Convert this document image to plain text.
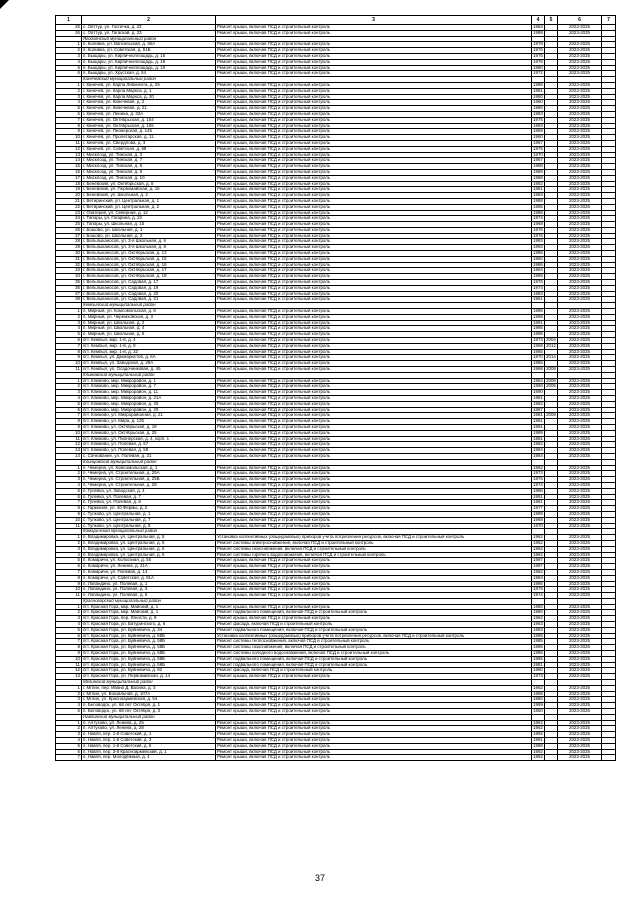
1	2	3	4	5	6	7
25	с. Ояттур, ул. Госгичка, д. 23	Ремонт крыши, включая ПСД и строительный контроль	1983		2023-2025	
26	с. Ояттур, ул. Гагаскай, д. 23	Ремонт крыши, включая ПСД и строительный контроль	1989		2023-2025	
	Ягодзянский муниципальный район					
1	п. Коливка, ул. Вагнальская, д. 36А	Ремонт крыши, включая ПСД и строительный контроль	1978		2023-2025	
2	п. Коливка, ул. Советская, д. 51Б	Ремонт крыши, включая ПСД и строительный контроль	1976		2023-2025	
3	п. Быщары, ул. Кирпичноплощадь, д. 16	Ремонт крыши, включая ПСД и строительный контроль	1975		2023-2025	
4	п. Быщары, ул. Кирпичноплощадь, д. 18	Ремонт крыши, включая ПСД и строительный контроль	1978		2023-2025	
5	п. Быщары, ул. Кирпичноплощадь, д. 10	Ремонт крыши, включая ПСД и строительный контроль	1980		2023-2025	
6	п. Быщары, ул. Хрусская, д. 54	Ремонт крыши, включая ПСД и строительный контроль	1972		2023-2025	
	Кинечевский муниципальный район					
1	г. Кинечев, ул. Карла Либкнехта, д. 25	Ремонт крыши, включая ПСД и строительный контроль	1986		2023-2025	
2	г. Кинечев, ул. Карла Маркса, д. 1	Ремонт крыши, включая ПСД и строительный контроль	1981		2023-2025	
3	г. Кинечев, ул. Карла Маркса, д. 20	Ремонт крыши, включая ПСД и строительный контроль	1980		2023-2025	
4	г. Кинечев, ул. Кинечевая, д. 2	Ремонт крыши, включая ПСД и строительный контроль	1960		2023-2025	
5	г. Кинечев, ул. Кинечевая, д. 21	Ремонт крыши, включая ПСД и строительный контроль	1980		2023-2025	
6	г. Кинечев, ул. Ленина, д. 33А	Ремонт крыши, включая ПСД и строительный контроль	1983		2023-2025	
7	г. Кинечев, ул. Октябрьская, д. 104	Ремонт крыши, включая ПСД и строительный контроль	1975		2023-2025	
8	г. Кинечев, ул. Октябрьская, д. 106	Ремонт крыши, включая ПСД и строительный контроль	1983		2023-2025	
9	г. Кинечев, ул. Пионерская, д. 145	Ремонт крыши, включая ПСД и строительный контроль	1959		2023-2025	
10	г. Кинечев, ул. Пролетарская, д. 11	Ремонт крыши, включая ПСД и строительный контроль	1960		2023-2025	
11	г. Кинечев, ул. Свердлова, д. 3	Ремонт крыши, включая ПСД и строительный контроль	1967		2023-2025	
12	г. Кинечев, ул. Советская, д. 68	Ремонт крыши, включая ПСД и строительный контроль	1975		2023-2025	
13	г. Мисклозд, ул. Тинская, д. 3	Ремонт крыши, включая ПСД и строительный контроль	1970		2023-2025	
14	г. Мисклозд, ул. Тинская, д. 7	Ремонт крыши, включая ПСД и строительный контроль	1967		2023-2025	
15	г. Мисклозд, ул. Тинская, д. 8	Ремонт крыши, включая ПСД и строительный контроль	1988		2023-2025	
16	г. Мисклозд, ул. Тинская, д. 9	Ремонт крыши, включая ПСД и строительный контроль	1989		2023-2025	
17	г. Мисклозд, ул. Тинская, д. 10	Ремонт крыши, включая ПСД и строительный контроль	1988		2023-2025	
18	г. Беневский, ул. Октябрьская, д. 8	Ремонт крыши, включая ПСД и строительный контроль	1982		2023-2025	
19	г. Беневский, ул. Первомайская, д. 16	Ремонт крыши, включая ПСД и строительный контроль	1981		2023-2025	
20	г. Беневский, ул. Школьная, д. 2	Ремонт крыши, включая ПСД и строительный контроль	1983		2023-2025	
21	г. Ветиринский, ул. Центральная, д. 1	Ремонт крыши, включая ПСД и строительный контроль	1988		2023-2025	
22	г. Ветиринский, ул. Центральная, д. 2	Ремонт крыши, включая ПСД и строительный контроль	1985		2023-2025	
23	г. Озатерия, ул. Северная, д. 12	Ремонт крыши, включая ПСД и строительный контроль	1986		2023-2025	
24	г. Тапоры, ул. Гагарина, д. 22	Ремонт крыши, включая ПСД и строительный контроль	1974		2023-2025	
25	г. Тапоры, ул. Школьная, д. 15	Ремонт крыши, включая ПСД и строительный контроль	1968		2023-2025	
26	г. Бошово, ул. Школьная, д. 1	Ремонт крыши, включая ПСД и строительный контроль	1976		2023-2025	
27	г. Бошово, ул. Школьная, д. 2	Ремонт крыши, включая ПСД и строительный контроль	1976		2023-2025	
28	г. Вельлыканосов, ул. 3-я Школьная, д. 6	Ремонт крыши, включая ПСД и строительный контроль	1993		2023-2025	
29	г. Вельлыканосов, ул. 3-я Школьная, д. 8	Ремонт крыши, включая ПСД и строительный контроль	1993		2023-2025	
30	г. Вельлыканосов, ул. Октябрьская, д. 13	Ремонт крыши, включая ПСД и строительный контроль	1985		2023-2025	
31	г. Вельлыканосов, ул. Октябрьская, д. 15	Ремонт крыши, включая ПСД и строительный контроль	1960		2023-2025	
32	г. Вельлыканосов, ул. Октябрьская, д. 16	Ремонт крыши, включая ПСД и строительный контроль	1986		2023-2025	
33	г. Вельлыканосов, ул. Октябрьская, д. 17	Ремонт крыши, включая ПСД и строительный контроль	1964		2023-2025	
34	г. Вельлыканосов, ул. Октябрьская, д. 18	Ремонт крыши, включая ПСД и строительный контроль	1988		2023-2025	
35	г. Вельлыканосов, ул. Садовая, д. 17	Ремонт крыши, включая ПСД и строительный контроль	1976		2023-2025	
36	г. Вельлыканосов, ул. Садовая, д. 19	Ремонт крыши, включая ПСД и строительный контроль	1974		2023-2025	
37	г. Вельлыканосов, ул. Садовая, д. 20	Ремонт крыши, включая ПСД и строительный контроль	1983		2023-2025	
38	г. Вельлыканосов, ул. Садовая, д. 21	Ремонт крыши, включая ПСД и строительный контроль	1961		2023-2025	
	Кемпылский муниципальный район					
1	п. Мирный, ул. Комсомольская, д. 8	Ремонт крыши, включая ПСД и строительный контроль	1996		2023-2025	
2	п. Мирный, ул. Черемховская, д. 3	Ремонт крыши, включая ПСД и строительный контроль	1998		2023-2025	
3	п. Мирный, ул. Школьная, д. 2	Ремонт крыши, включая ПСД и строительный контроль	1991		2023-2025	
4	п. Мирный, ул. Школьная, д. 4	Ремонт крыши, включая ПСД и строительный контроль	1995		2023-2025	
5	п. Мирный, ул. Школьная, д. 5	Ремонт крыши, включая ПСД и строительный контроль	1995		2023-2025	
6	пгт. Кемпыл, мкр. 1-й, д. 4	Ремонт крыши, включая ПСД и строительный контроль	1973	2004	2023-2025	
7	пгт. Кемпыл, мкр. 1-й, д. 8	Ремонт крыши, включая ПСД и строительный контроль	1968	2012	2023-2025	
8	пгт. Кемпыл, мкр. 1-й, д. 22	Ремонт крыши, включая ПСД и строительный контроль	1985		2023-2025	
9	пгт. Кемпыл, ул. Декабристов, д. 6А	Ремонт крыши, включая ПСД и строительный контроль	1970	2014	2023-2025	
10	пгт. Кемпыл, ул. Заводская, д. 29А	Ремонт крыши, включая ПСД и строительный контроль	1985		2023-2025	
11	пгт. Кемпыл, ул. Осадочниковая, д. 45	Ремонт крыши, включая ПСД и строительный контроль	1968	2008	2023-2025	
	Климовский муниципальный район					
1	пгт. Климово, мкр. Микрорайон, д. 1	Ремонт крыши, включая ПСД и строительный контроль	1964	2008	2023-2025	
2	пгт. Климово, мкр. Микрорайон, д. 7	Ремонт крыши, включая ПСД и строительный контроль	1968	2005	2023-2025	
3	пгт. Климово, мкр. Микрорайон, д. 11	Ремонт крыши, включая ПСД и строительный контроль	1990		2023-2025	
4	пгт. Климово, мкр. Микрорайон, д. 21А	Ремонт крыши, включая ПСД и строительный контроль	1981		2023-2025	
5	пгт. Климово, мкр. Микрорайон, д. 26	Ремонт крыши, включая ПСД и строительный контроль	1982		2023-2025	
6	пгт. Климово, мкр. Микрорайон, д. 29	Ремонт крыши, включая ПСД и строительный контроль	1987		2023-2025	
7	пгт. Климово, ул. Микрорайонная, д. 21	Ремонт крыши, включая ПСД и строительный контроль	1981	2008	2023-2025	
8	пгт. Климово, ул. Мира, д. 125	Ремонт крыши, включая ПСД и строительный контроль	1981		2023-2025	
9	пгт. Климово, ул. Октябрьская, д. 19	Ремонт крыши, включая ПСД и строительный контроль	1991		2023-2025	
10	пгт. Климово, ул. Октябрьская, д. 25	Ремонт крыши, включая ПСД и строительный контроль	1989		2023-2025	
11	пгт. Климово, ул. Пионерская, д. 4, корп. 1	Ремонт крыши, включая ПСД и строительный контроль	1981		2023-2025	
12	пгт. Климово, ул. Полевая, д. 57	Ремонт крыши, включая ПСД и строительный контроль	1982		2023-2025	
13	пгт. Климово, ул. Полевая, д. 58	Ремонт крыши, включая ПСД и строительный контроль	1984		2023-2025	
14	с. Сачкование, ул. Полевая, д. 31	Ремонт крыши, включая ПСД и строительный контроль	1984		2023-2025	
	Клинцовский муниципальный район					
1	п. Чемерна, ул. Комсомольская, д. 1	Ремонт крыши, включая ПСД и строительный контроль	1982		2023-2025	
2	п. Чемерна, ул. Строительная, д. 25А	Ремонт крыши, включая ПСД и строительный контроль	1973		2023-2025	
3	п. Чемерна, ул. Строительная, д. 25Б	Ремонт крыши, включая ПСД и строительный контроль	1976		2023-2025	
4	п. Чемерна, ул. Строительная, д. 28	Ремонт крыши, включая ПСД и строительный контроль	1974		2023-2025	
5	п. Гулевка, ул. Заводская, д. 4	Ремонт крыши, включая ПСД и строительный контроль	1986		2023-2025	
6	п. Гулевка, ул. Полевая, д. 7	Ремонт крыши, включая ПСД и строительный контроль	1991		2023-2025	
7	п. Гулевка, ул. Полевая, д. 8	Ремонт крыши, включая ПСД и строительный контроль	1981		2023-2025	
8	с. Гармония, ул. 40 Фермы, д. 2	Ремонт крыши, включая ПСД и строительный контроль	1977		2023-2025	
9	с. Тулково, ул. Центральная, д. 1	Ремонт крыши, включая ПСД и строительный контроль	1989		2023-2025	
10	с. Тулково, ул. Центральная, д. 7	Ремонт крыши, включая ПСД и строительный контроль	1969		2023-2025	
11	с. Тулково, ул. Центральная, д. 8	Ремонт крыши, включая ПСД и строительный контроль	1970		2023-2025	
	Комаричский муниципальный район					
1	п. Владимировка, ул. Центральная, д. 5	Установка коллективных (общедомовых) приборов учета потребления ресурсов, включая ПСД и строительный контроль	1962		2023-2025	
2	п. Владимировка, ул. Центральная, д. 5	Ремонт системы электроснабжения, включая ПСД и строительный контроль	1962		2023-2025	
3	п. Владимировка, ул. Центральная, д. 5	Ремонт системы газоснабжения, включая ПСД и строительный контроль	1962		2023-2025	
4	п. Владимировка, ул. Центральная, д. 5	Ремонт системы горячего водоснабжения, включая ПСД и строительный контроль	1962		2023-2025	
5	п. Комаричи, ул. Колхозная, д. 55	Ремонт крыши, включая ПСД и строительный контроль	1987		2023-2025	
6	п. Комаричи, ул. Ленина, д. 21А	Ремонт крыши, включая ПСД и строительный контроль	1987		2023-2025	
7	п. Комаричи, ул. Полевая, д. 14	Ремонт крыши, включая ПСД и строительный контроль	1962		2023-2025	
8	п. Комаричи, ул. Советская, д. 91А	Ремонт крыши, включая ПСД и строительный контроль	1984		2023-2025	
9	п. Лопандино, ул. Полевая, д. 1	Ремонт крыши, включая ПСД и строительный контроль	1986		2023-2025	
10	п. Лопандино, ул. Полевая, д. 3	Ремонт крыши, включая ПСД и строительный контроль	1979		2023-2025	
11	п. Лопандино, ул. Полевая, д. 5	Ремонт крыши, включая ПСД и строительный контроль	1974		2023-2025	
	Красногорский муниципальный район					
1	пгт. Красная Гора, мкр. Майский, д. 1	Ремонт крыши, включая ПСД и строительный контроль	1980		2023-2025	
2	пгт. Красная Гора, мкр. Майский, д. 1	Ремонт подвального помещения, включая ПСД и строительный контроль	1980		2023-2025	
3	пгт. Красная Гора, пер. Юности, д. 8	Ремонт крыши, включая ПСД и строительный контроль	1962		2023-2025	
4	пгт. Красная Гора, ул. Батуринского, д. 6	Ремонт фасада, включая ПСД и строительный контроль	1963		2023-2025	
5	пгт. Красная Гора, ул. Буйневича, д. 34	Ремонт подвального помещения, включая ПСД и строительный контроль	1983		2023-2025	
6	пгт. Красная Гора, ул. Буйневича, д. 58Б	Установка коллективных (общедомовых) приборов учета потребления ресурсов, включая ПСД и строительный контроль	1985		2023-2025	
7	пгт. Красная Гора, ул. Буйневича, д. 58Б	Ремонт системы теплоснабжения, включая ПСД и строительный контроль	1985		2023-2025	
8	пгт. Красная Гора, ул. Буйневича, д. 58Б	Ремонт системы газоснабжения, включая ПСД и строительный контроль	1985		2023-2025	
9	пгт. Красная Гора, ул. Буйневича, д. 58Б	Ремонт системы холодного водоснабжения, включая ПСД и строительный контроль	1985		2023-2025	
10	пгт. Красная Гора, ул. Буйневича, д. 58Б	Ремонт подвального помещения, включая ПСД и строительный контроль	1985		2023-2025	
11	пгт. Красная Гора, ул. Буйневича, д. 58Б	Ремонт подвального помещения, включая ПСД и строительный контроль	1981		2023-2025	
12	пгт. Красная Гора, ул. Буйневича, д. 82	Ремонт фасада, включая ПСД и строительный контроль	1980		2023-2025	
13	пгт. Красная Гора, ул. Первомайская, д. 14	Ремонт крыши, включая ПСД и строительный контроль	1973		2023-2025	
	Мглинский муниципальный район					
1	г. Мглин, пер. Ивана Д. Васина, д. 3	Ремонт крыши, включая ПСД и строительный контроль	1962		2023-2025	
2	г. Мглин, ул. Вокзальная, д. 107А	Ремонт крыши, включая ПСД и строительный контроль	1988		2023-2025	
3	г. Мглин, ул. Красноармейская, д. 54	Ремонт крыши, включая ПСД и строительный контроль	1980		2023-2025	
4	п. Беловодск, ул. 68 лет Октября, д. 1	Ремонт крыши, включая ПСД и строительный контроль	1959		2023-2025	
5	п. Беловодск, ул. 68 лет Октября, д. 3	Ремонт крыши, включая ПСД и строительный контроль	1960		2023-2025	
	Навлинский муниципальный район					
1	п. Алтухово, ул. Ленина, д. 25	Ремонт крыши, включая ПСД и строительный контроль	1962		2023-2025	
2	п. Алтухово, ул. Ленина, д. 28	Ремонт крыши, включая ПСД и строительный контроль	1962		2023-2025	
3	п. Навля, пер. 1-й Советский, д. 1	Ремонт крыши, включая ПСД и строительный контроль	1992		2023-2025	
4	п. Навля, пер. 1-й Советский, д. 3	Ремонт крыши, включая ПСД и строительный контроль	1991		2023-2025	
5	п. Навля, пер. 1-й Советский, д. 6	Ремонт крыши, включая ПСД и строительный контроль	1988		2023-2025	
6	п. Навля, пер. 3-й Красноармейский, д. 1	Ремонт крыши, включая ПСД и строительный контроль	1992		2023-2025	
7	п. Навля, пер. Молодёжный, д. 4	Ремонт крыши, включая ПСД и строительный контроль	1982		2023-2025	
37
